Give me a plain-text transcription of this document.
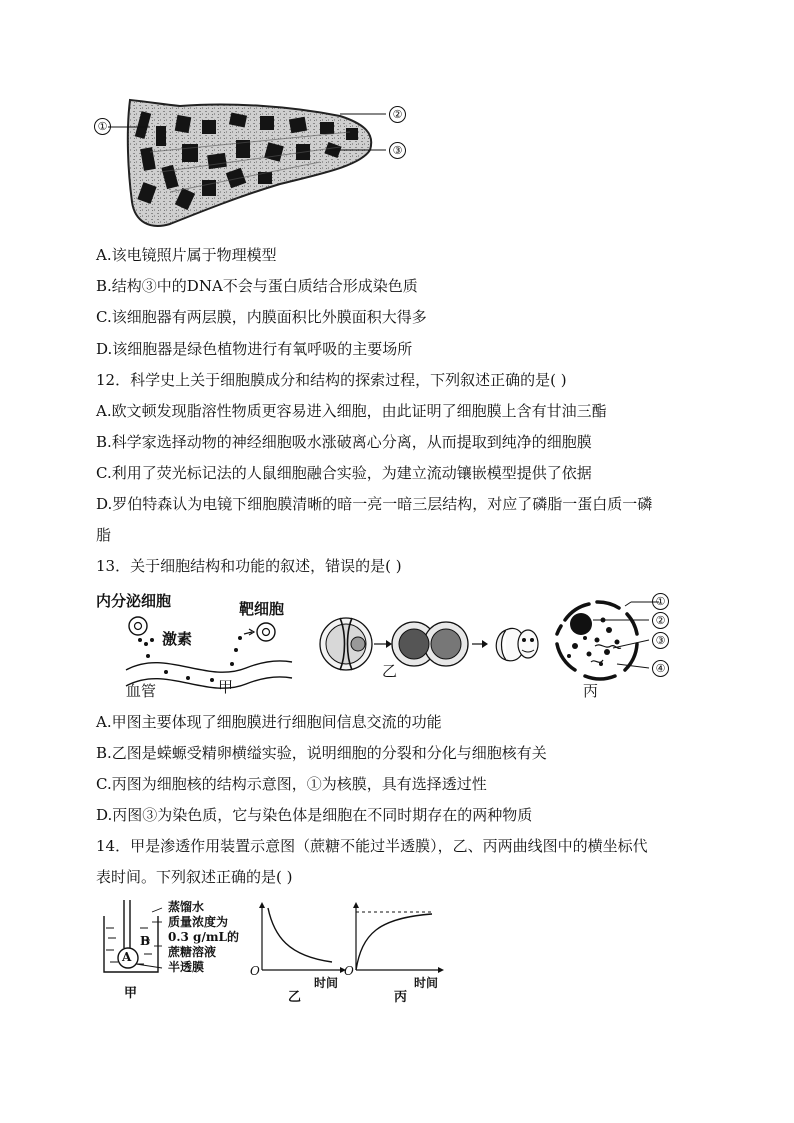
①
②
③
A.该电镜照片属于物理模型
B.结构③中的DNA不会与蛋白质结合形成染色质
C.该细胞器有两层膜，内膜面积比外膜面积大得多
D.该细胞器是绿色植物进行有氧呼吸的主要场所
12．科学史上关于细胞膜成分和结构的探索过程，下列叙述正确的是( )
A.欧文顿发现脂溶性物质更容易进入细胞，由此证明了细胞膜上含有甘油三酯
B.科学家选择动物的神经细胞吸水涨破离心分离，从而提取到纯净的细胞膜
C.利用了荧光标记法的人鼠细胞融合实验，为建立流动镶嵌模型提供了依据
D.罗伯特森认为电镜下细胞膜清晰的暗一亮一暗三层结构，对应了磷脂一蛋白质一磷
脂
13．关于细胞结构和功能的叙述，错误的是( )
内分泌细胞	靶细胞
激素
血管	甲
乙
①
②
③
④
丙
A.甲图主要体现了细胞膜进行细胞间信息交流的功能
B.乙图是蝾螈受精卵横缢实验，说明细胞的分裂和分化与细胞核有关
C.丙图为细胞核的结构示意图，①为核膜，具有选择透过性
D.丙图③为染色质，它与染色体是细胞在不同时期存在的两种物质
14．甲是渗透作用装置示意图（蔗糖不能过半透膜），乙、丙两曲线图中的横坐标代
表时间。下列叙述正确的是( )
A
B
蒸馏水
质量浓度为
0.3 g/mL的
蔗糖溶液
半透膜
甲
O
时间
乙
O
时间
丙
